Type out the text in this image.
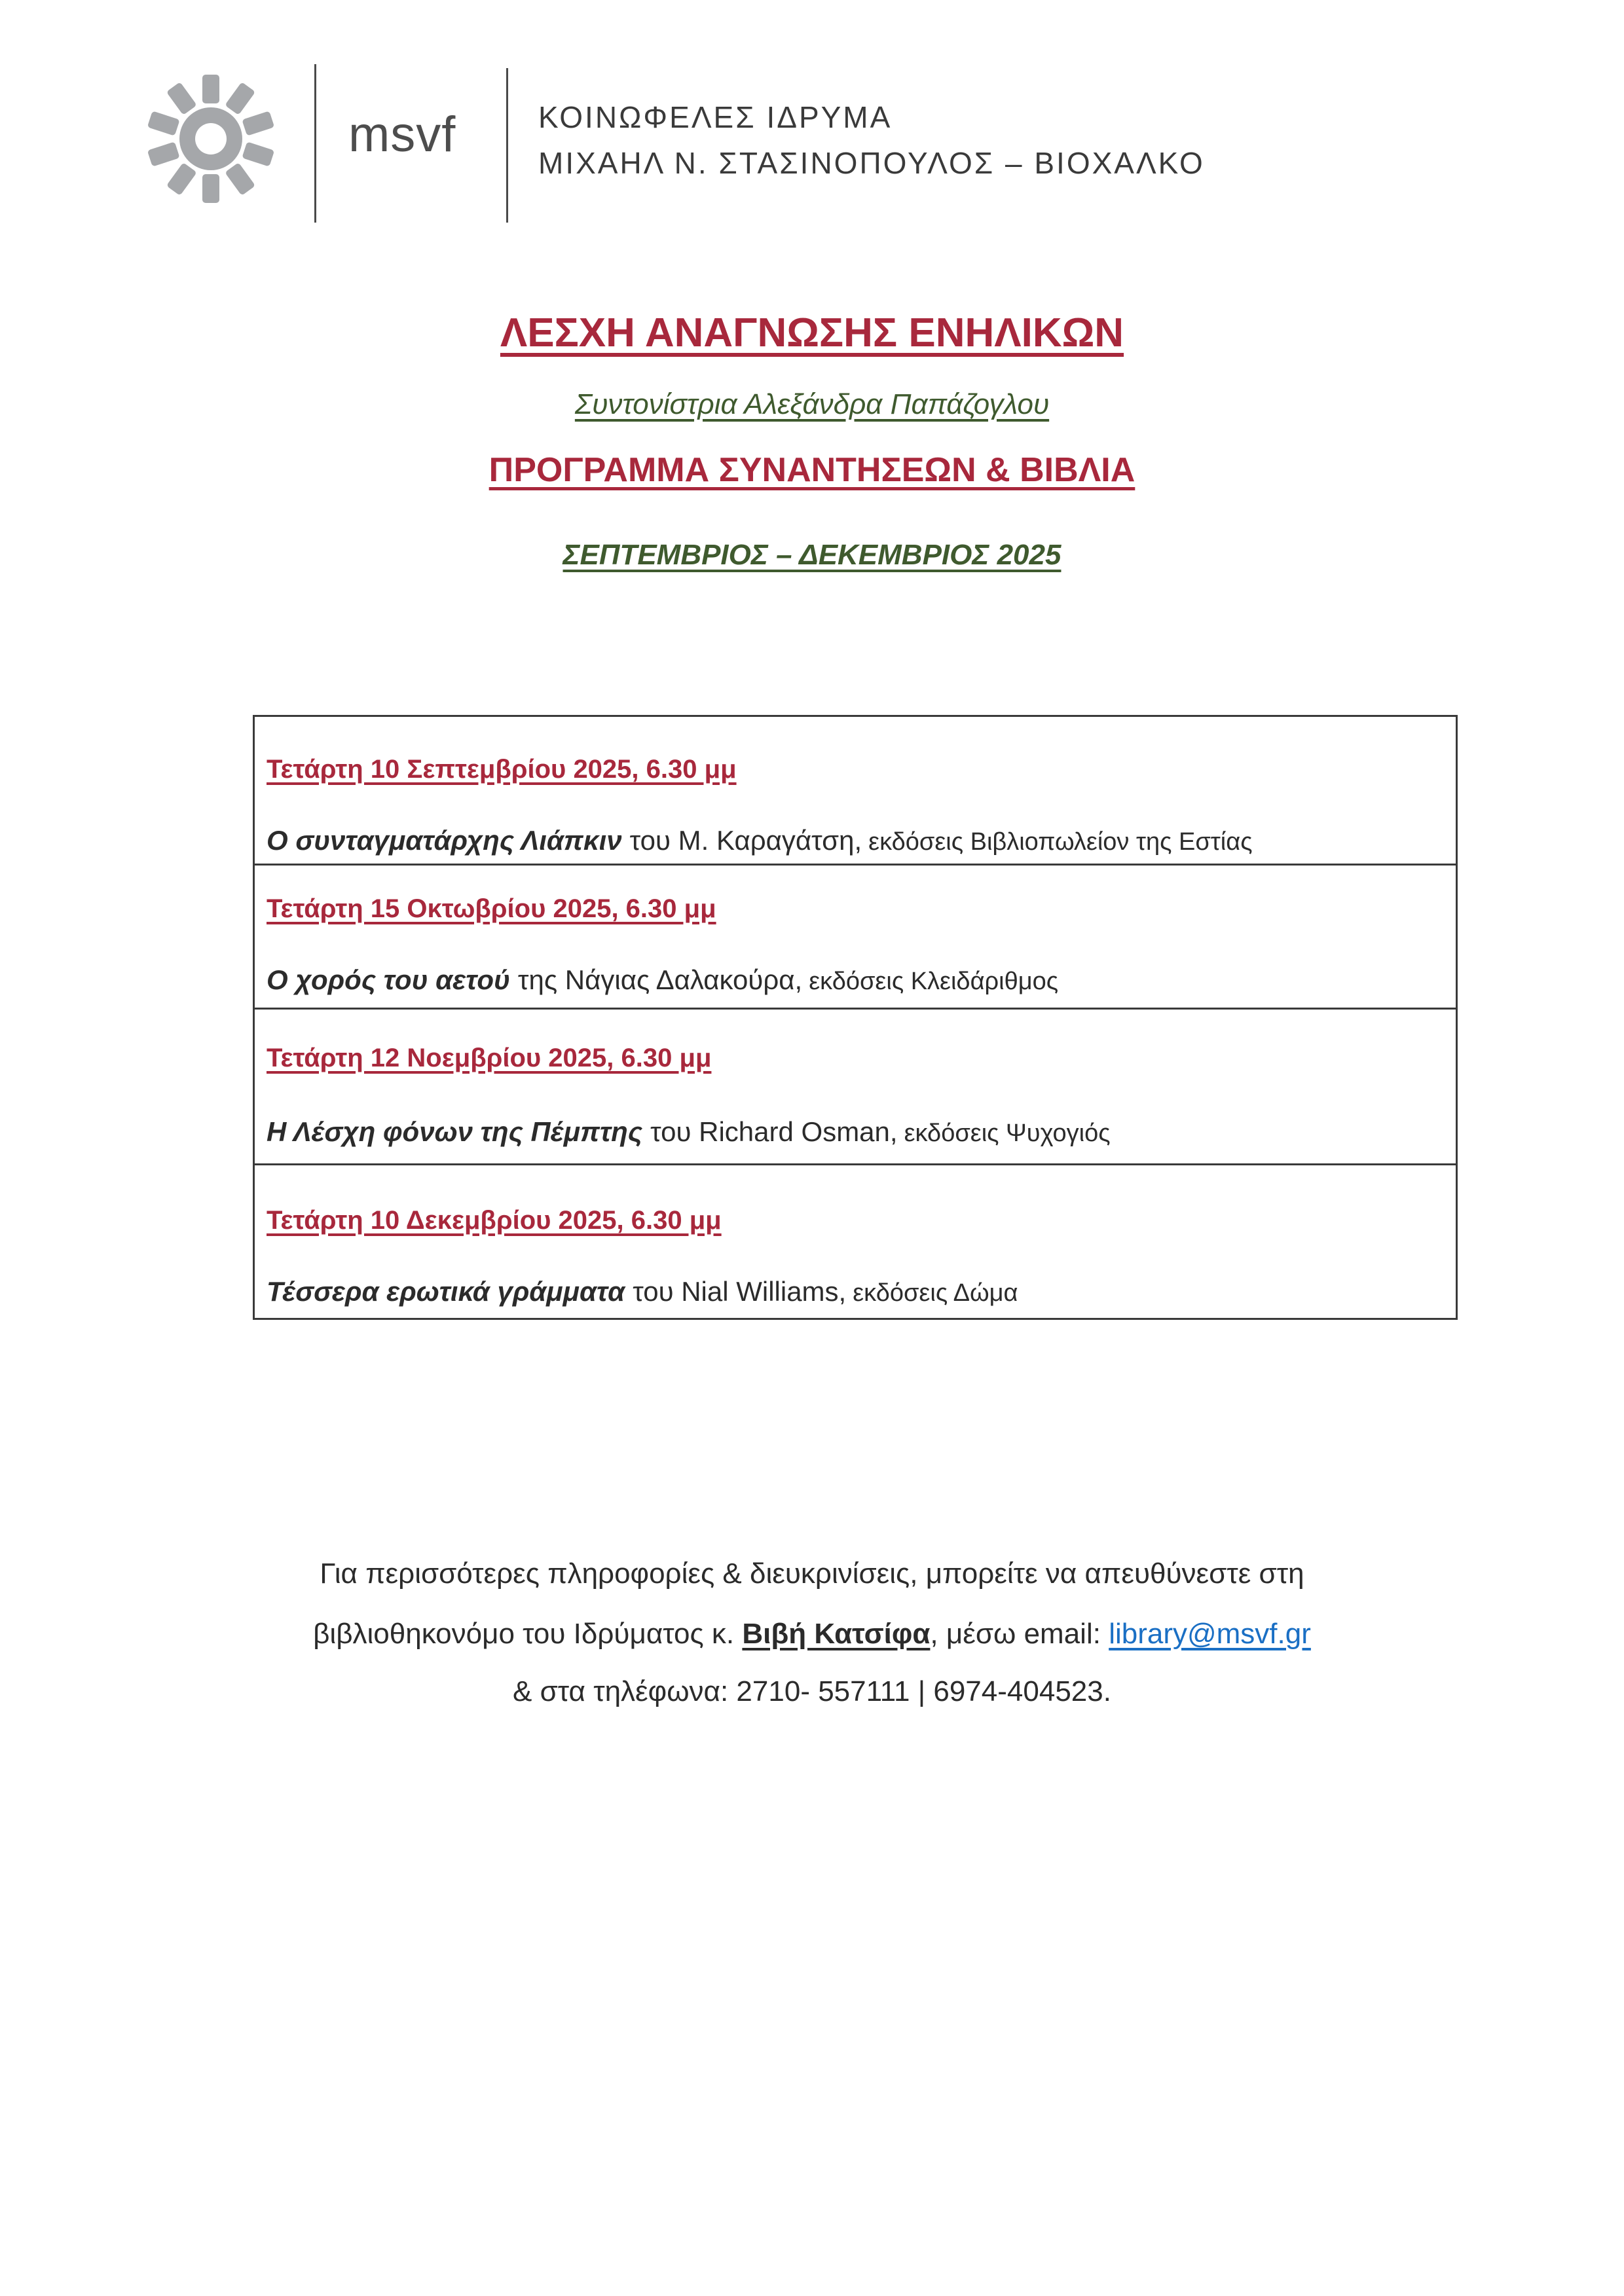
msvf	ΚΟΙΝΩΦΕΛΕΣ ΙΔΡΥΜΑ
ΜΙΧΑΗΛ Ν. ΣΤΑΣΙΝΟΠΟΥΛΟΣ – ΒΙΟΧΑΛΚΟ
ΛΕΣΧΗ ΑΝΑΓΝΩΣΗΣ ΕΝΗΛΙΚΩΝ
Συντονίστρια Αλεξάνδρα Παπάζογλου
ΠΡΟΓΡΑΜΜΑ ΣΥΝΑΝΤΗΣΕΩΝ & ΒΙΒΛΙΑ
ΣΕΠΤΕΜΒΡΙΟΣ – ΔΕΚΕΜΒΡΙΟΣ 2025
Τετάρτη 10 Σεπτεμβρίου 2025, 6.30 μμ
Ο συνταγματάρχης Λιάπκιν του Μ. Καραγάτση, εκδόσεις Βιβλιοπωλείον της Εστίας
Τετάρτη 15 Οκτωβρίου 2025, 6.30 μμ
Ο χορός του αετού της Νάγιας Δαλακούρα, εκδόσεις Κλειδάριθμος
Τετάρτη 12 Νοεμβρίου 2025, 6.30 μμ
Η Λέσχη φόνων της Πέμπτης του Richard Osman, εκδόσεις Ψυχογιός
Τετάρτη 10 Δεκεμβρίου 2025, 6.30 μμ
Τέσσερα ερωτικά γράμματα του Nial Williams, εκδόσεις Δώμα
Για περισσότερες πληροφορίες & διευκρινίσεις, μπορείτε να απευθύνεστε στη
βιβλιοθηκονόμο του Ιδρύματος κ. Βιβή Κατσίφα, μέσω email: library@msvf.gr
& στα τηλέφωνα: 2710- 557111 | 6974-404523.
